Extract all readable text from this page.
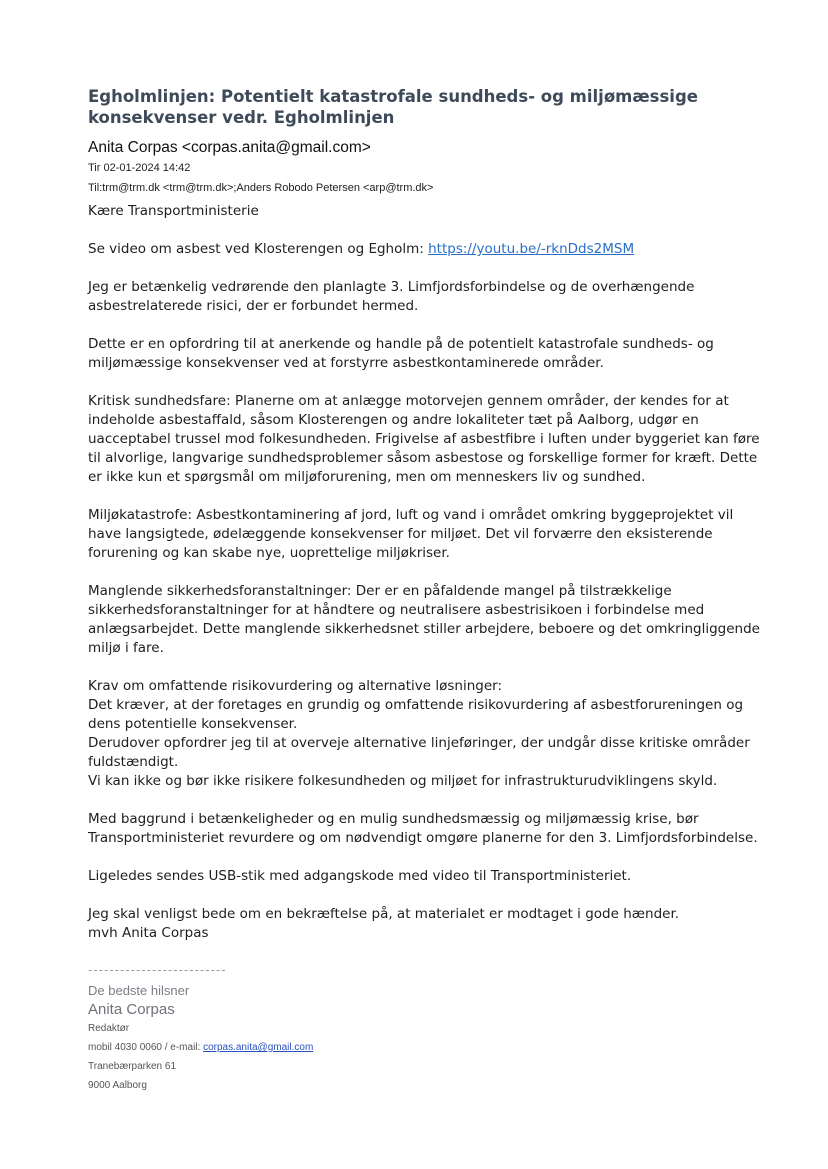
Egholmlinjen: Potentielt katastrofale sundheds- og miljømæssige konsekvenser vedr. Egholmlinjen
Anita Corpas <corpas.anita@gmail.com>
Tir 02-01-2024 14:42
Til:trm@trm.dk <trm@trm.dk>;Anders Robodo Petersen <arp@trm.dk>

Kære Transportministerie

Se video om asbest ved Klosterengen og Egholm: https://youtu.be/-rknDds2MSM

Jeg er betænkelig vedrørende den planlagte 3. Limfjordsforbindelse og de overhængende asbestrelaterede risici, der er forbundet hermed.

Dette er en opfordring til at anerkende og handle på de potentielt katastrofale sundheds- og miljømæssige konsekvenser ved at forstyrre asbestkontaminerede områder.

Kritisk sundhedsfare: Planerne om at anlægge motorvejen gennem områder, der kendes for at indeholde asbestaffald, såsom Klosterengen og andre lokaliteter tæt på Aalborg, udgør en uacceptabel trussel mod folkesundheden. Frigivelse af asbestfibre i luften under byggeriet kan føre til alvorlige, langvarige sundhedsproblemer såsom asbestose og forskellige former for kræft. Dette er ikke kun et spørgsmål om miljøforurening, men om menneskers liv og sundhed.

Miljøkatastrofe: Asbestkontaminering af jord, luft og vand i området omkring byggeprojektet vil have langsigtede, ødelæggende konsekvenser for miljøet. Det vil forværre den eksisterende forurening og kan skabe nye, uoprettelige miljøkriser.

Manglende sikkerhedsforanstaltninger: Der er en påfaldende mangel på tilstrækkelige sikkerhedsforanstaltninger for at håndtere og neutralisere asbestrisikoen i forbindelse med anlægsarbejdet. Dette manglende sikkerhedsnet stiller arbejdere, beboere og det omkringliggende miljø i fare.

Krav om omfattende risikovurdering og alternative løsninger:
Det kræver, at der foretages en grundig og omfattende risikovurdering af asbestforureningen og dens potentielle konsekvenser.
Derudover opfordrer jeg til at overveje alternative linjeføringer, der undgår disse kritiske områder fuldstændigt.
Vi kan ikke og bør ikke risikere folkesundheden og miljøet for infrastrukturudviklingens skyld.

Med baggrund i betænkeligheder og en mulig sundhedsmæssig og miljømæssig krise, bør Transportministeriet revurdere og om nødvendigt omgøre planerne for den 3. Limfjordsforbindelse.

Ligeledes sendes USB-stik med adgangskode med video til Transportministeriet.

Jeg skal venligst bede om en bekræftelse på, at materialet er modtaget i gode hænder.
mvh Anita Corpas

--------------------------
De bedste hilsner
Anita Corpas
Redaktør
mobil 4030 0060 / e-mail: corpas.anita@gmail.com
Tranebærparken 61
9000 Aalborg
